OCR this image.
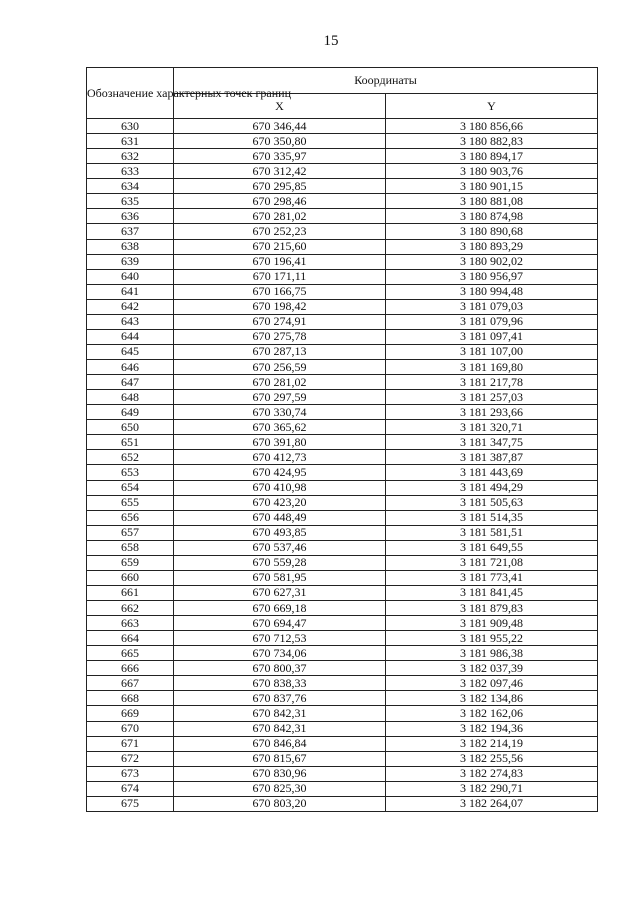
15
Обозначение характерных точек границ	Координаты	
	X	Y
630	670 346,44	3 180 856,66
631	670 350,80	3 180 882,83
632	670 335,97	3 180 894,17
633	670 312,42	3 180 903,76
634	670 295,85	3 180 901,15
635	670 298,46	3 180 881,08
636	670 281,02	3 180 874,98
637	670 252,23	3 180 890,68
638	670 215,60	3 180 893,29
639	670 196,41	3 180 902,02
640	670 171,11	3 180 956,97
641	670 166,75	3 180 994,48
642	670 198,42	3 181 079,03
643	670 274,91	3 181 079,96
644	670 275,78	3 181 097,41
645	670 287,13	3 181 107,00
646	670 256,59	3 181 169,80
647	670 281,02	3 181 217,78
648	670 297,59	3 181 257,03
649	670 330,74	3 181 293,66
650	670 365,62	3 181 320,71
651	670 391,80	3 181 347,75
652	670 412,73	3 181 387,87
653	670 424,95	3 181 443,69
654	670 410,98	3 181 494,29
655	670 423,20	3 181 505,63
656	670 448,49	3 181 514,35
657	670 493,85	3 181 581,51
658	670 537,46	3 181 649,55
659	670 559,28	3 181 721,08
660	670 581,95	3 181 773,41
661	670 627,31	3 181 841,45
662	670 669,18	3 181 879,83
663	670 694,47	3 181 909,48
664	670 712,53	3 181 955,22
665	670 734,06	3 181 986,38
666	670 800,37	3 182 037,39
667	670 838,33	3 182 097,46
668	670 837,76	3 182 134,86
669	670 842,31	3 182 162,06
670	670 842,31	3 182 194,36
671	670 846,84	3 182 214,19
672	670 815,67	3 182 255,56
673	670 830,96	3 182 274,83
674	670 825,30	3 182 290,71
675	670 803,20	3 182 264,07
